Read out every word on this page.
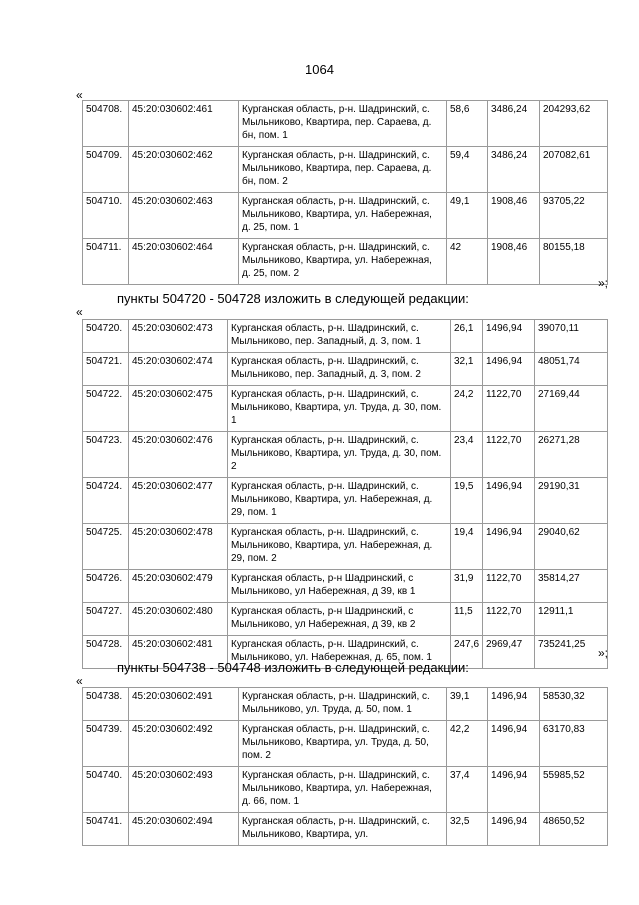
1064
«
504708.	45:20:030602:461	Курганская область, р-н. Шадринский, с. Мыльниково, Квартира, пер. Сараева, д. бн, пом. 1	58,6	3486,24	204293,62
504709.	45:20:030602:462	Курганская область, р-н. Шадринский, с. Мыльниково, Квартира, пер. Сараева, д. бн, пом. 2	59,4	3486,24	207082,61
504710.	45:20:030602:463	Курганская область, р-н. Шадринский, с. Мыльниково, Квартира, ул. Набережная, д. 25, пом. 1	49,1	1908,46	93705,22
504711.	45:20:030602:464	Курганская область, р-н. Шадринский, с. Мыльниково, Квартира, ул. Набережная, д. 25, пом. 2	42	1908,46	80155,18
»;
пункты 504720 - 504728 изложить в следующей редакции:
«
504720.	45:20:030602:473	Курганская область, р-н. Шадринский, с. Мыльниково, пер. Западный, д. 3, пом. 1	26,1	1496,94	39070,11
504721.	45:20:030602:474	Курганская область, р-н. Шадринский, с. Мыльниково, пер. Западный, д. 3, пом. 2	32,1	1496,94	48051,74
504722.	45:20:030602:475	Курганская область, р-н. Шадринский, с. Мыльниково, Квартира, ул. Труда, д. 30, пом. 1	24,2	1122,70	27169,44
504723.	45:20:030602:476	Курганская область, р-н. Шадринский, с. Мыльниково, Квартира, ул. Труда, д. 30, пом. 2	23,4	1122,70	26271,28
504724.	45:20:030602:477	Курганская область, р-н. Шадринский, с. Мыльниково, Квартира, ул. Набережная, д. 29, пом. 1	19,5	1496,94	29190,31
504725.	45:20:030602:478	Курганская область, р-н. Шадринский, с. Мыльниково, Квартира, ул. Набережная, д. 29, пом. 2	19,4	1496,94	29040,62
504726.	45:20:030602:479	Курганская область, р-н Шадринский, с Мыльниково, ул Набережная, д 39, кв 1	31,9	1122,70	35814,27
504727.	45:20:030602:480	Курганская область, р-н Шадринский, с Мыльниково, ул Набережная, д 39, кв 2	11,5	1122,70	12911,1
504728.	45:20:030602:481	Курганская область, р-н. Шадринский, с. Мыльниково, ул. Набережная, д. 65, пом. 1	247,6	2969,47	735241,25
»;
пункты 504738 - 504748 изложить в следующей редакции:
«
504738.	45:20:030602:491	Курганская область, р-н. Шадринский, с. Мыльниково, ул. Труда, д. 50, пом. 1	39,1	1496,94	58530,32
504739.	45:20:030602:492	Курганская область, р-н. Шадринский, с. Мыльниково, Квартира, ул. Труда, д. 50, пом. 2	42,2	1496,94	63170,83
504740.	45:20:030602:493	Курганская область, р-н. Шадринский, с. Мыльниково, Квартира, ул. Набережная, д. 66, пом. 1	37,4	1496,94	55985,52
504741.	45:20:030602:494	Курганская область, р-н. Шадринский, с. Мыльниково, Квартира, ул.	32,5	1496,94	48650,52
